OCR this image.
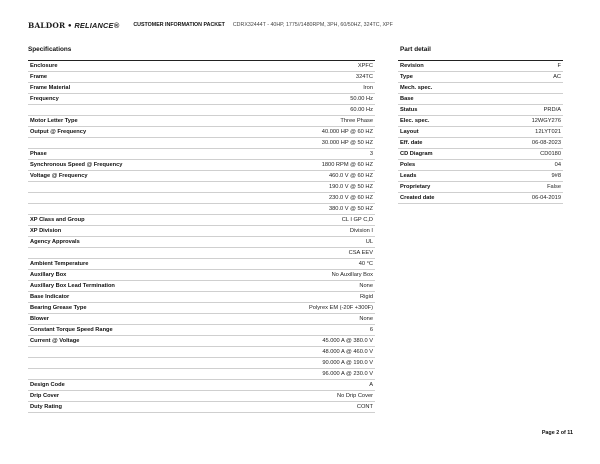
BALDOR • RELIANCE®	CUSTOMER INFORMATION PACKET CDRX32444T - 40HP, 1775//1480RPM, 3PH, 60/50HZ, 324TC, XPF
Specifications
Enclosure	XPFC
Frame	324TC
Frame Material	Iron
Frequency	50.00 Hz
	60.00 Hz
Motor Letter Type	Three Phase
Output @ Frequency	40.000 HP @ 60 HZ
	30.000 HP @ 50 HZ
Phase	3
Synchronous Speed @ Frequency	1800 RPM @ 60 HZ
Voltage @ Frequency	460.0 V @ 60 HZ
	190.0 V @ 50 HZ
	230.0 V @ 60 HZ
	380.0 V @ 50 HZ
XP Class and Group	CL I GP C,D
XP Division	Division I
Agency Approvals	UL
	CSA EEV
Ambient Temperature	40 °C
Auxillary Box	No Auxillary Box
Auxillary Box Lead Termination	None
Base Indicator	Rigid
Bearing Grease Type	Polyrex EM (-20F +300F)
Blower	None
Constant Torque Speed Range	6
Current @ Voltage	45.000 A @ 380.0 V
	48.000 A @ 460.0 V
	90.000 A @ 190.0 V
	96.000 A @ 230.0 V
Design Code	A
Drip Cover	No Drip Cover
Duty Rating	CONT
Part detail
Revision	F
Type	AC
Mech. spec.	
Base	
Status	PRD/A
Elec. spec.	12WGY276
Layout	12LYT021
Eff. date	06-08-2023
CD Diagram	CD0180
Poles	04
Leads	9#8
Proprietary	False
Created date	06-04-2019
Page 2 of 11
